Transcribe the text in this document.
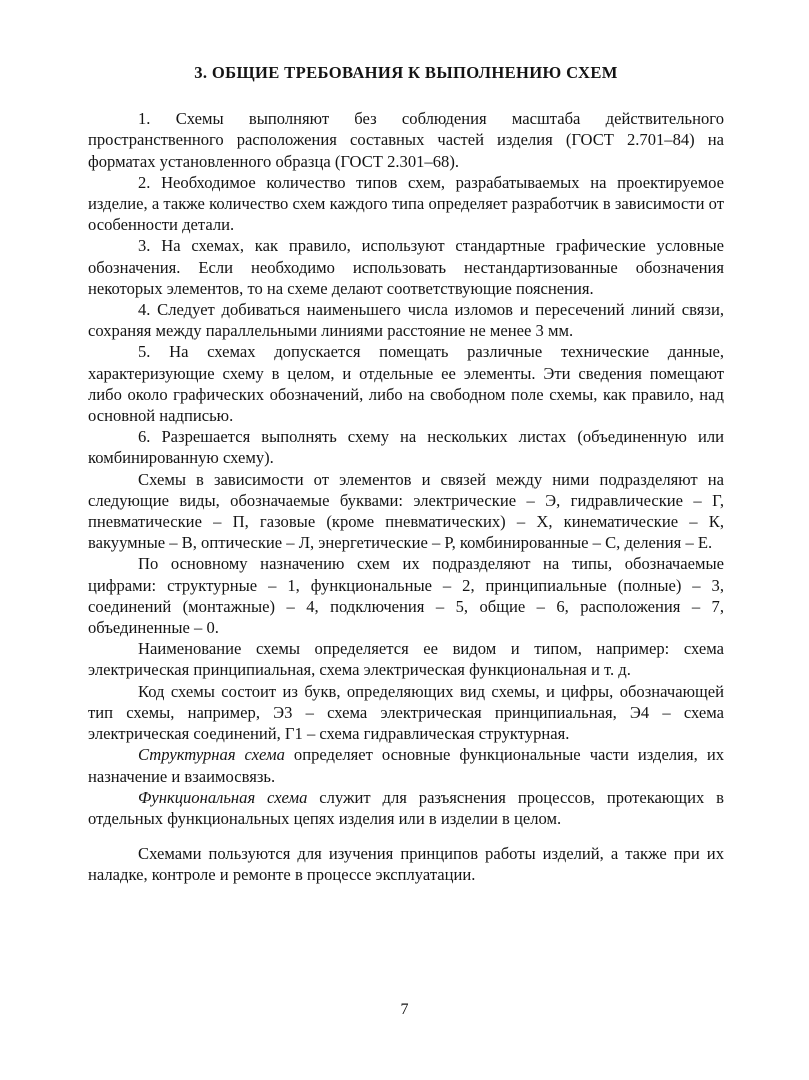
3. ОБЩИЕ ТРЕБОВАНИЯ К ВЫПОЛНЕНИЮ СХЕМ

1. Схемы выполняют без соблюдения масштаба действительного пространственного расположения составных частей изделия (ГОСТ 2.701–84) на форматах установленного образца (ГОСТ 2.301–68).

2. Необходимое количество типов схем, разрабатываемых на проектируемое изделие, а также количество схем каждого типа определяет разработчик в зависимости от особенности детали.

3. На схемах, как правило, используют стандартные графические условные обозначения. Если необходимо использовать нестандартизованные обозначения некоторых элементов, то на схеме делают соответствующие пояснения.

4. Следует добиваться наименьшего числа изломов и пересечений линий связи, сохраняя между параллельными линиями расстояние не менее 3 мм.

5. На схемах допускается помещать различные технические данные, характеризующие схему в целом, и отдельные ее элементы. Эти сведения помещают либо около графических обозначений, либо на свободном поле схемы, как правило, над основной надписью.

6. Разрешается выполнять схему на нескольких листах (объединенную или комбинированную схему).

Схемы в зависимости от элементов и связей между ними подразделяют на следующие виды, обозначаемые буквами: электрические – Э, гидравлические – Г, пневматические – П, газовые (кроме пневматических) – Х, кинематические – К, вакуумные – В, оптические – Л, энергетические – Р, комбинированные – С, деления – Е.

По основному назначению схем их подразделяют на типы, обозначаемые цифрами: структурные – 1, функциональные – 2, принципиальные (полные) – 3, соединений (монтажные) – 4, подключения – 5, общие – 6, расположения – 7, объединенные – 0.

Наименование схемы определяется ее видом и типом, например: схема электрическая принципиальная, схема электрическая функциональная и т. д.

Код схемы состоит из букв, определяющих вид схемы, и цифры, обозначающей тип схемы, например, Э3 – схема электрическая принципиальная, Э4 – схема электрическая соединений, Г1 – схема гидравлическая структурная.

Структурная схема определяет основные функциональные части изделия, их назначение и взаимосвязь.

Функциональная схема служит для разъяснения процессов, протекающих в отдельных функциональных цепях изделия или в изделии в целом.

Схемами пользуются для изучения принципов работы изделий, а также при их наладке, контроле и ремонте в процессе эксплуатации.

7
